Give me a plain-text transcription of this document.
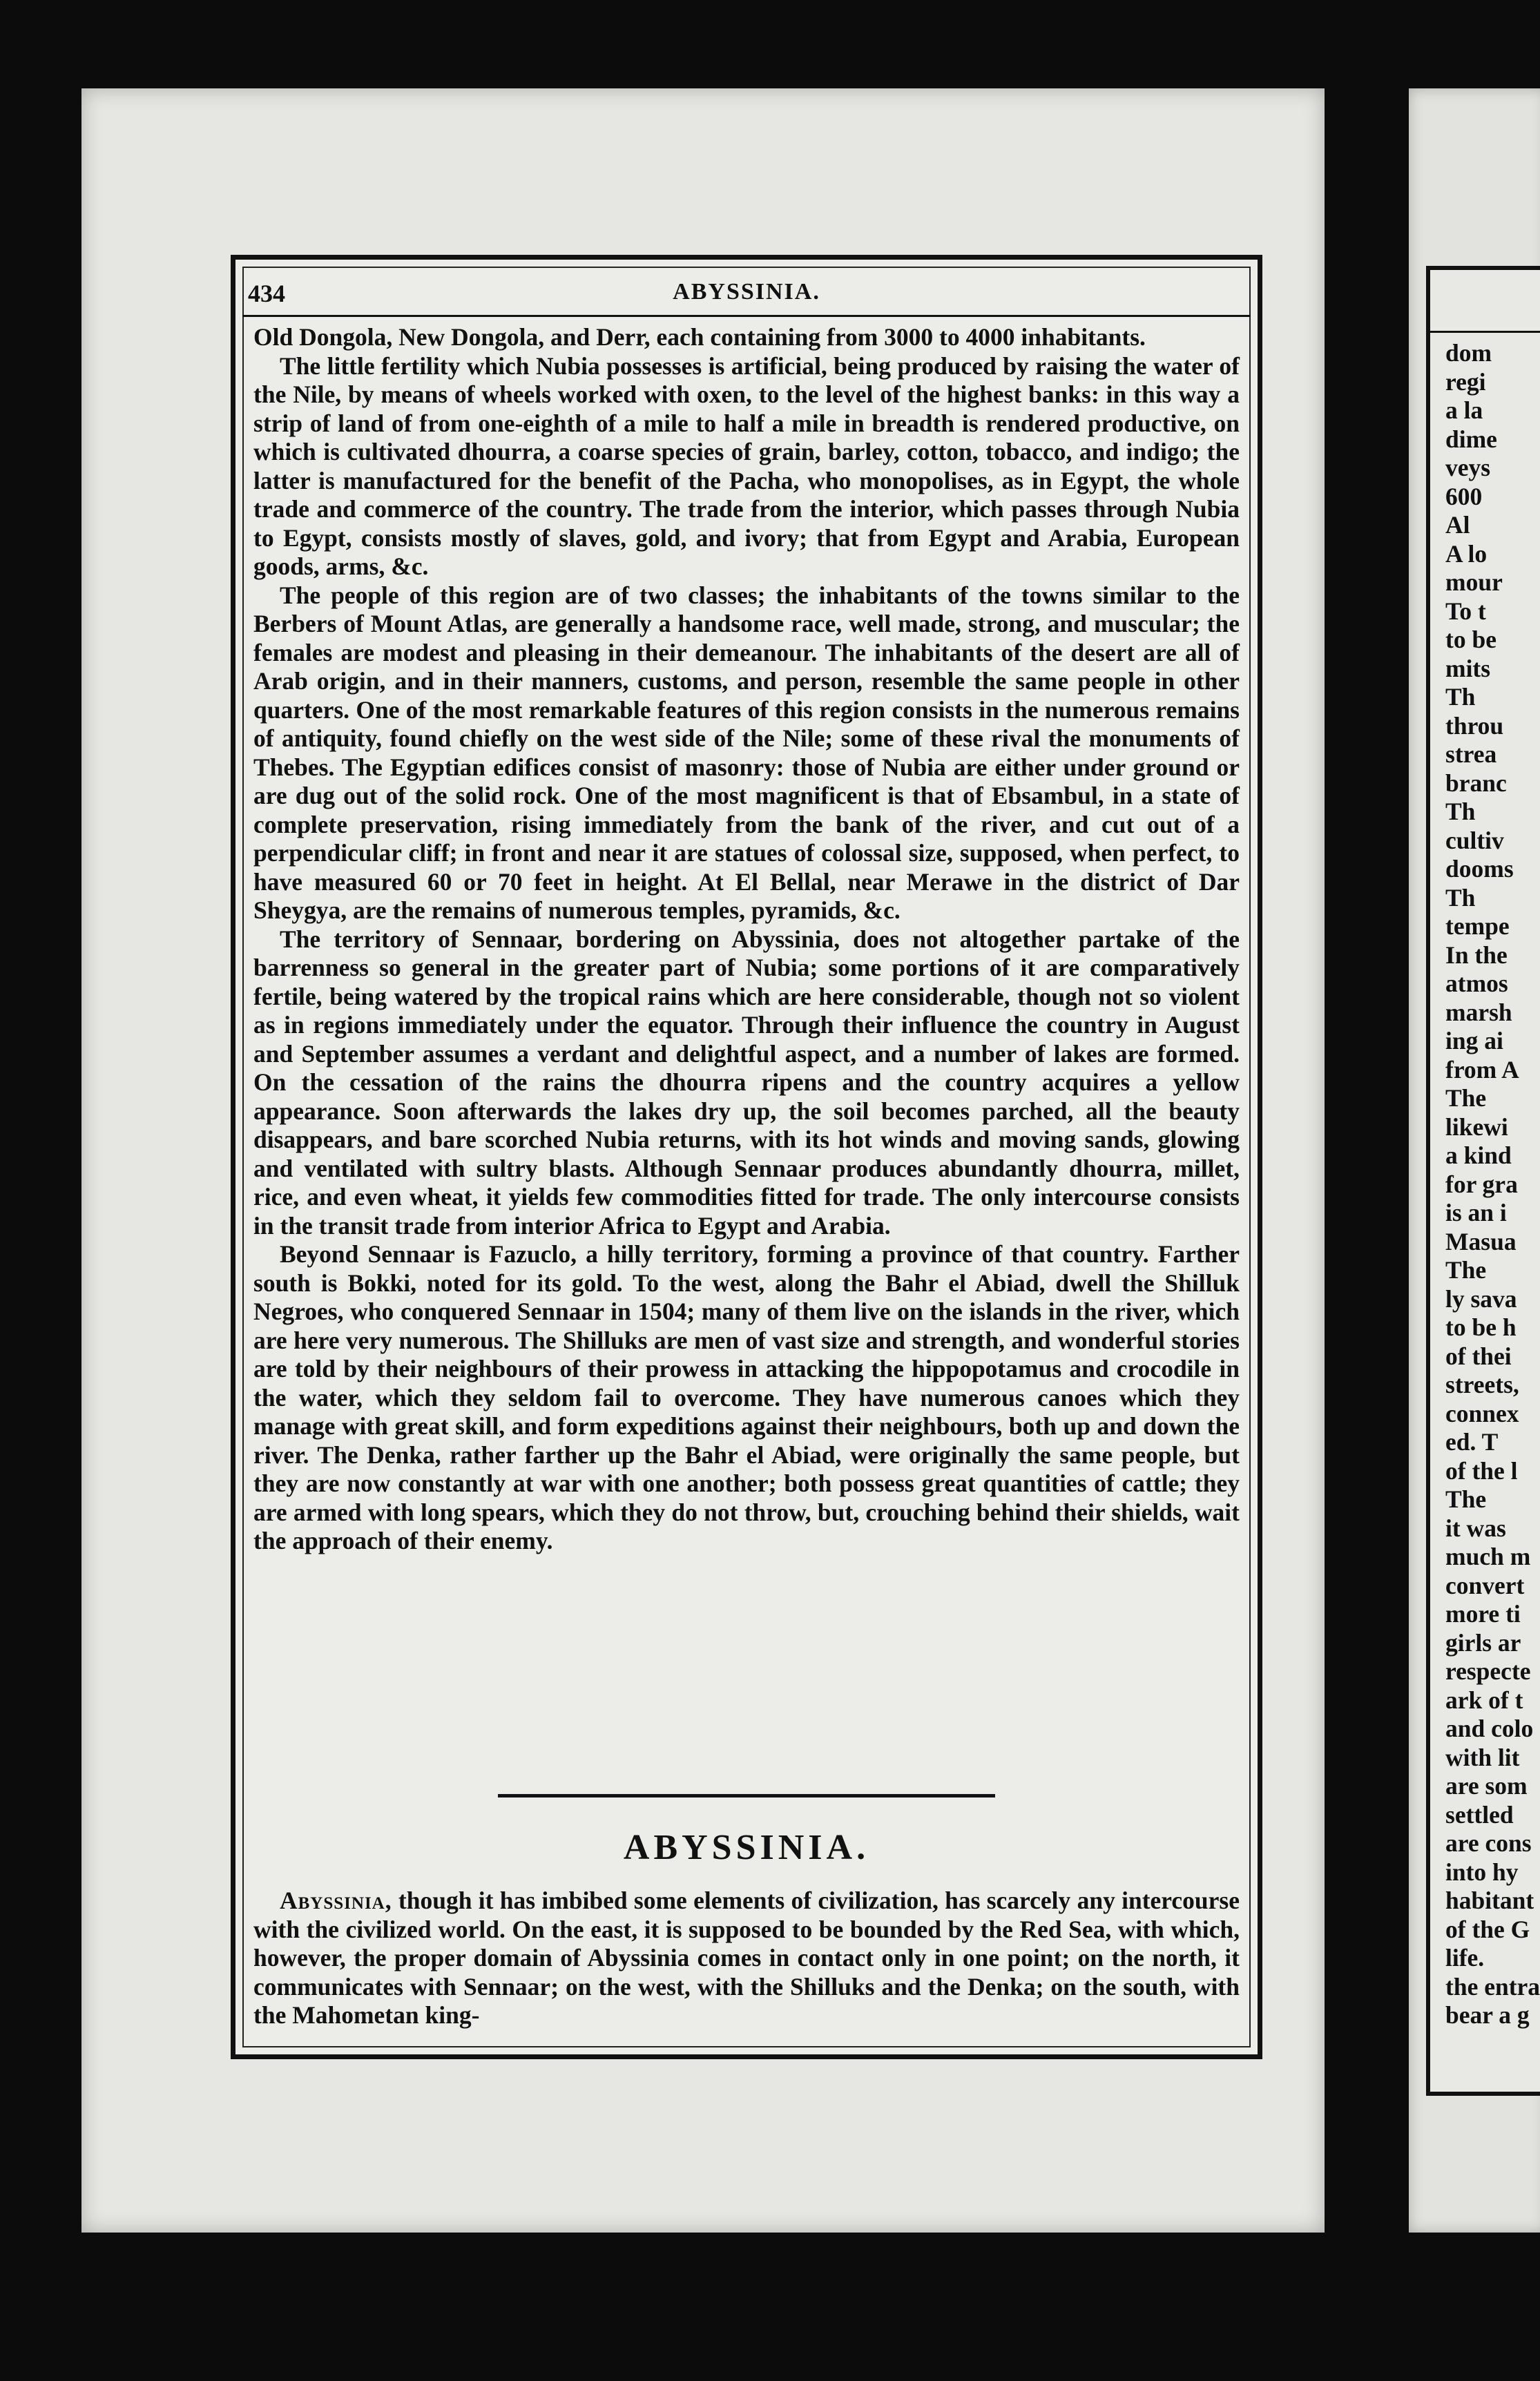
434	ABYSSINIA.

Old Dongola, New Dongola, and Derr, each containing from 3000 to 4000 inhabitants.

The little fertility which Nubia possesses is artificial, being produced by raising the water of the Nile, by means of wheels worked with oxen, to the level of the highest banks: in this way a strip of land of from one-eighth of a mile to half a mile in breadth is rendered productive, on which is cultivated dhourra, a coarse species of grain, barley, cotton, tobacco, and indigo; the latter is manufactured for the benefit of the Pacha, who monopolises, as in Egypt, the whole trade and commerce of the country. The trade from the interior, which passes through Nubia to Egypt, consists mostly of slaves, gold, and ivory; that from Egypt and Arabia, European goods, arms, &c.

The people of this region are of two classes; the inhabitants of the towns similar to the Berbers of Mount Atlas, are generally a handsome race, well made, strong, and muscular; the females are modest and pleasing in their demeanour. The inhabitants of the desert are all of Arab origin, and in their manners, customs, and person, resemble the same people in other quarters. One of the most remarkable features of this region consists in the numerous remains of antiquity, found chiefly on the west side of the Nile; some of these rival the monuments of Thebes. The Egyptian edifices consist of masonry: those of Nubia are either under ground or are dug out of the solid rock. One of the most magnificent is that of Ebsambul, in a state of complete preservation, rising immediately from the bank of the river, and cut out of a perpendicular cliff; in front and near it are statues of colossal size, supposed, when perfect, to have measured 60 or 70 feet in height. At El Bellal, near Merawe in the district of Dar Sheygya, are the remains of numerous temples, pyramids, &c.

The territory of Sennaar, bordering on Abyssinia, does not altogether partake of the barrenness so general in the greater part of Nubia; some portions of it are comparatively fertile, being watered by the tropical rains which are here considerable, though not so violent as in regions immediately under the equator. Through their influence the country in August and September assumes a verdant and delightful aspect, and a number of lakes are formed. On the cessation of the rains the dhourra ripens and the country acquires a yellow appearance. Soon afterwards the lakes dry up, the soil becomes parched, all the beauty disappears, and bare scorched Nubia returns, with its hot winds and moving sands, glowing and ventilated with sultry blasts. Although Sennaar produces abundantly dhourra, millet, rice, and even wheat, it yields few commodities fitted for trade. The only intercourse consists in the transit trade from interior Africa to Egypt and Arabia.

Beyond Sennaar is Fazuclo, a hilly territory, forming a province of that country. Farther south is Bokki, noted for its gold. To the west, along the Bahr el Abiad, dwell the Shilluk Negroes, who conquered Sennaar in 1504; many of them live on the islands in the river, which are here very numerous. The Shilluks are men of vast size and strength, and wonderful stories are told by their neighbours of their prowess in attacking the hippopotamus and crocodile in the water, which they seldom fail to overcome. They have numerous canoes which they manage with great skill, and form expeditions against their neighbours, both up and down the river. The Denka, rather farther up the Bahr el Abiad, were originally the same people, but they are now constantly at war with one another; both possess great quantities of cattle; they are armed with long spears, which they do not throw, but, crouching behind their shields, wait the approach of their enemy.

ABYSSINIA.

Abyssinia, though it has imbibed some elements of civilization, has scarcely any intercourse with the civilized world. On the east, it is supposed to be bounded by the Red Sea, with which, however, the proper domain of Abyssinia comes in contact only in one point; on the north, it communicates with Sennaar; on the west, with the Shilluks and the Denka; on the south, with the Mahometan king-

dom
regi
a la
dime
veys
600
Al
A lo
mour
To t
to be
mits
Th
throu
strea
branc
Th
cultiv
dooms
Th
tempe
In the
atmos
marsh
ing ai
from A
The
likewi
a kind
for gra
is an i
Masua
The
ly sava
to be h
of thei
streets,
connex
ed. T
of the l
The
it was
much m
convert
more ti
girls ar
respecte
ark of t
and colo
with lit
are som
settled
are cons
into hy
habitant
of the G
life.
the entra
bear a g
